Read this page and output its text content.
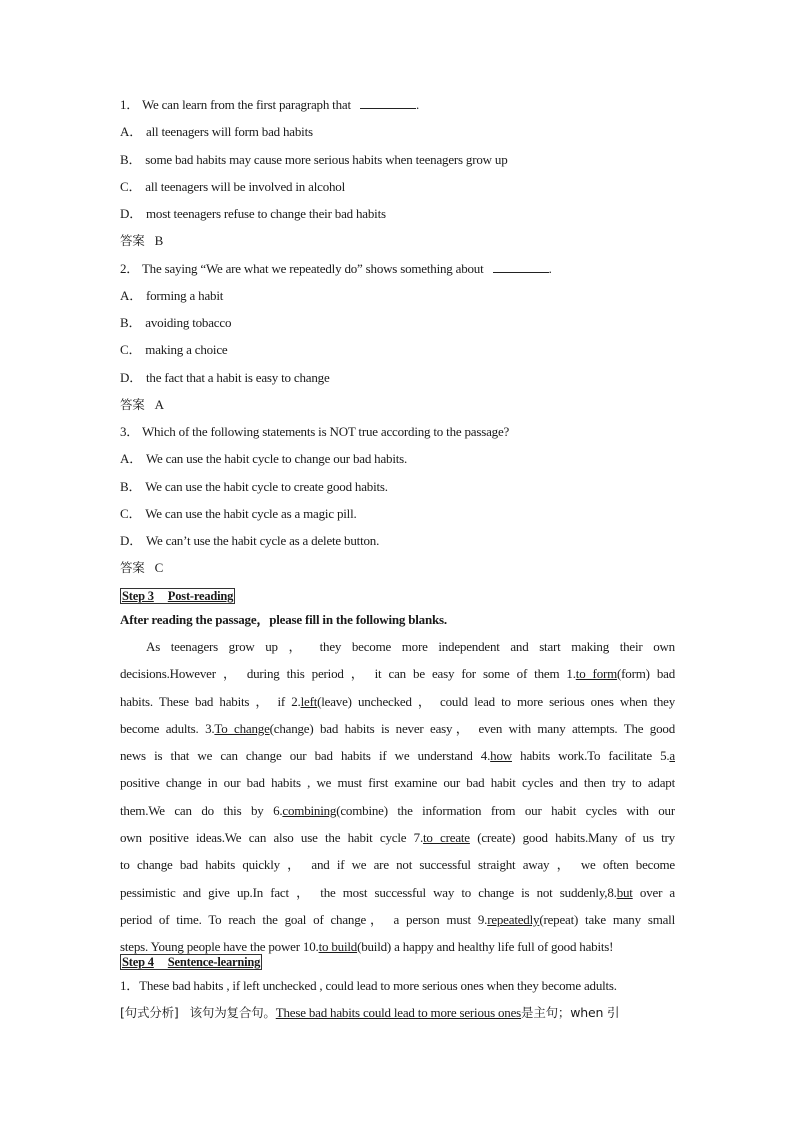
1． We can learn from the first paragraph that	.
A． all teenagers will form bad habits
B． some bad habits may cause more serious habits when teenagers grow up
C． all teenagers will be involved in alcohol
D． most teenagers refuse to change their bad habits
答案 B
2． The saying “We are what we repeatedly do” shows something about	.
A． forming a habit
B． avoiding tobacco
C． making a choice
D． the fact that a habit is easy to change
答案 A
3． Which of the following statements is NOT true according to the passage?
A． We can use the habit cycle to change our bad habits.
B． We can use the habit cycle to create good habits.
C． We can use the habit cycle as a magic pill.
D． We can’t use the habit cycle as a delete button.
答案 C
Step 3 Post-reading
After reading the passage，please fill in the following blanks.
As teenagers grow up ， they become more independent and start making their own
decisions.However ， during this period ， it can be easy for some of them 1.to form(form) bad
habits. These bad habits ， if 2.left(leave) unchecked ， could lead to more serious ones when they
become adults. 3.To change(change) bad habits is never easy， even with many attempts. The good
news is that we can change our bad habits if we understand 4.how habits work.To facilitate 5.a
positive change in our bad habits , we must first examine our bad habit cycles and then try to adapt
them.We can do this by 6.combining(combine) the information from our habit cycles with our
own positive ideas.We can also use the habit cycle 7.to create (create) good habits.Many of us try
to change bad habits quickly ， and if we are not successful straight away ， we often become
pessimistic and give up.In fact ， the most successful way to change is not suddenly,8.but over a
period of time. To reach the goal of change， a person must 9.repeatedly(repeat) take many small
steps. Young people have the power 10.to build(build) a happy and healthy life full of good habits!
Step 4 Sentence-learning
1．These bad habits , if left unchecked , could lead to more serious ones when they become adults.
[句式分析] 该句为复合句。These bad habits could lead to more serious ones是主句；when 引
